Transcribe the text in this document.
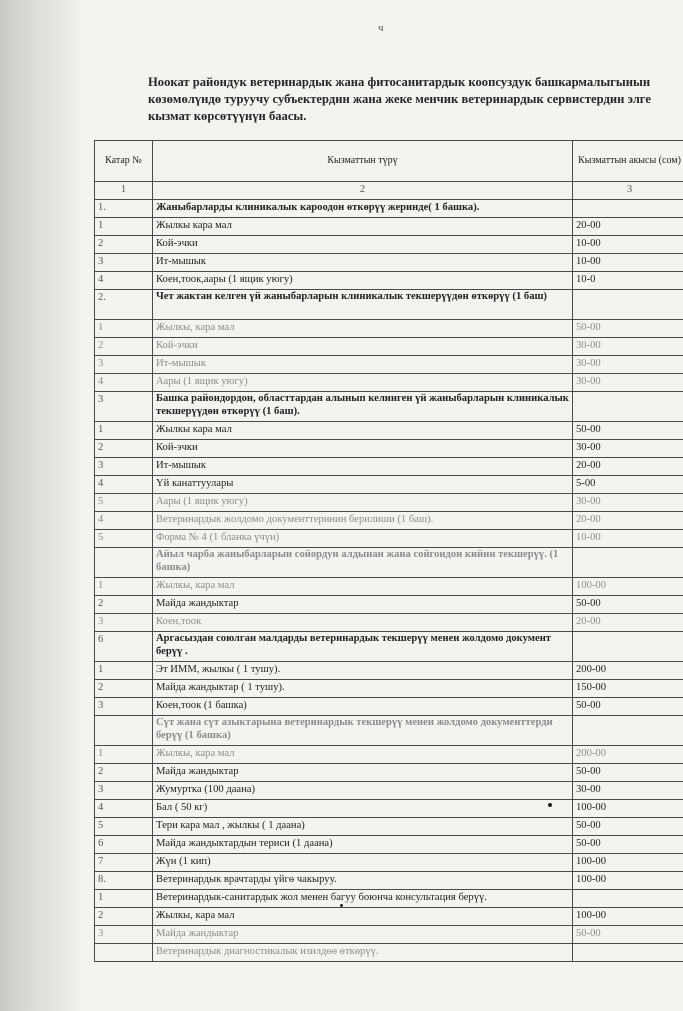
ч
Ноокат райондук ветеринардык жана фитосанитардык коопсуздук башкармалыгынын көзөмөлүндө туруучу субъектердин жана жеке менчик ветеринардык сервистердин элге кызмат көрсөтүүнүн баасы.
Катар №	Кызматтын түрү	Кызматтын акысы (сом)
1	2	3
1.	Жаныбарларды клиникалык кароодон өткөрүү жеринде( 1 башка).	
1	Жылкы кара мал	20-00
2	Кой-эчки	10-00
3	Ит-мышык	10-00
4	Коен,тоок,аары (1 ящик уюгу)	10-0
2.	Чет жактан келген үй жаныбарларын клиникалык текшерүүдөн өткөрүү (1 баш)	
1	Жылкы, кара мал	50-00
2	Кой-эчки	30-00
3	Ит-мышык	30-00
4	Аары (1 ящик уюгу)	30-00
3	Башка райондордон, облаcттардан алынып келинген үй жаныбарларын клиникалык текшерүүдөн өткөрүү (1 баш).	
1	Жылкы кара мал	50-00
2	Кой-эчки	30-00
3	Ит-мышык	20-00
4	Үй канаттуулары	5-00
5	Аары (1 ящик уюгу)	30-00
4	Ветеринардык жолдомо документтеринин берилиши (1 баш).	20-00
5	Форма № 4 (1 бланка үчүн)	10-00
	Айыл чарба жаныбарларын сойордун алдынан жана сойгондон кийин текшерүү. (1 башка)	
1	Жылкы, кара мал	100-00
2	Майда жандыктар	50-00
3	Коен,тоок	20-00
6	Аргасыздан союлган малдарды ветеринардык текшерүү менен жолдомо документ берүү .	
1	Эт ИММ, жылкы ( 1 тушу).	200-00
2	Майда жандыктар ( 1 тушу).	150-00
3	Коен,тоок (1 башка)	50-00
	Сүт жана сүт азыктарына ветеринардык текшерүү менен жолдомо документтерди берүү (1 башка)	
1	Жылкы, кара мал	200-00
2	Майда жандыктар	50-00
3	Жумуртка (100 даана)	30-00
4	Бал ( 50 кг)	100-00
5	Тери кара мал , жылкы ( 1 даана)	50-00
6	Майда жандыктардын териси (1 даана)	50-00
7	Жүн (1 кип)	100-00
8.	Ветеринардык врачтарды үйгө чакыруу.	100-00
1	Ветеринардык-санитардык жол менен багуу боюнча консультация берүү.	
2	Жылкы, кара мал	100-00
3	Майда жандыктар	50-00
	Ветеринардык диагностикалык изилдөө өткөрүү.	
